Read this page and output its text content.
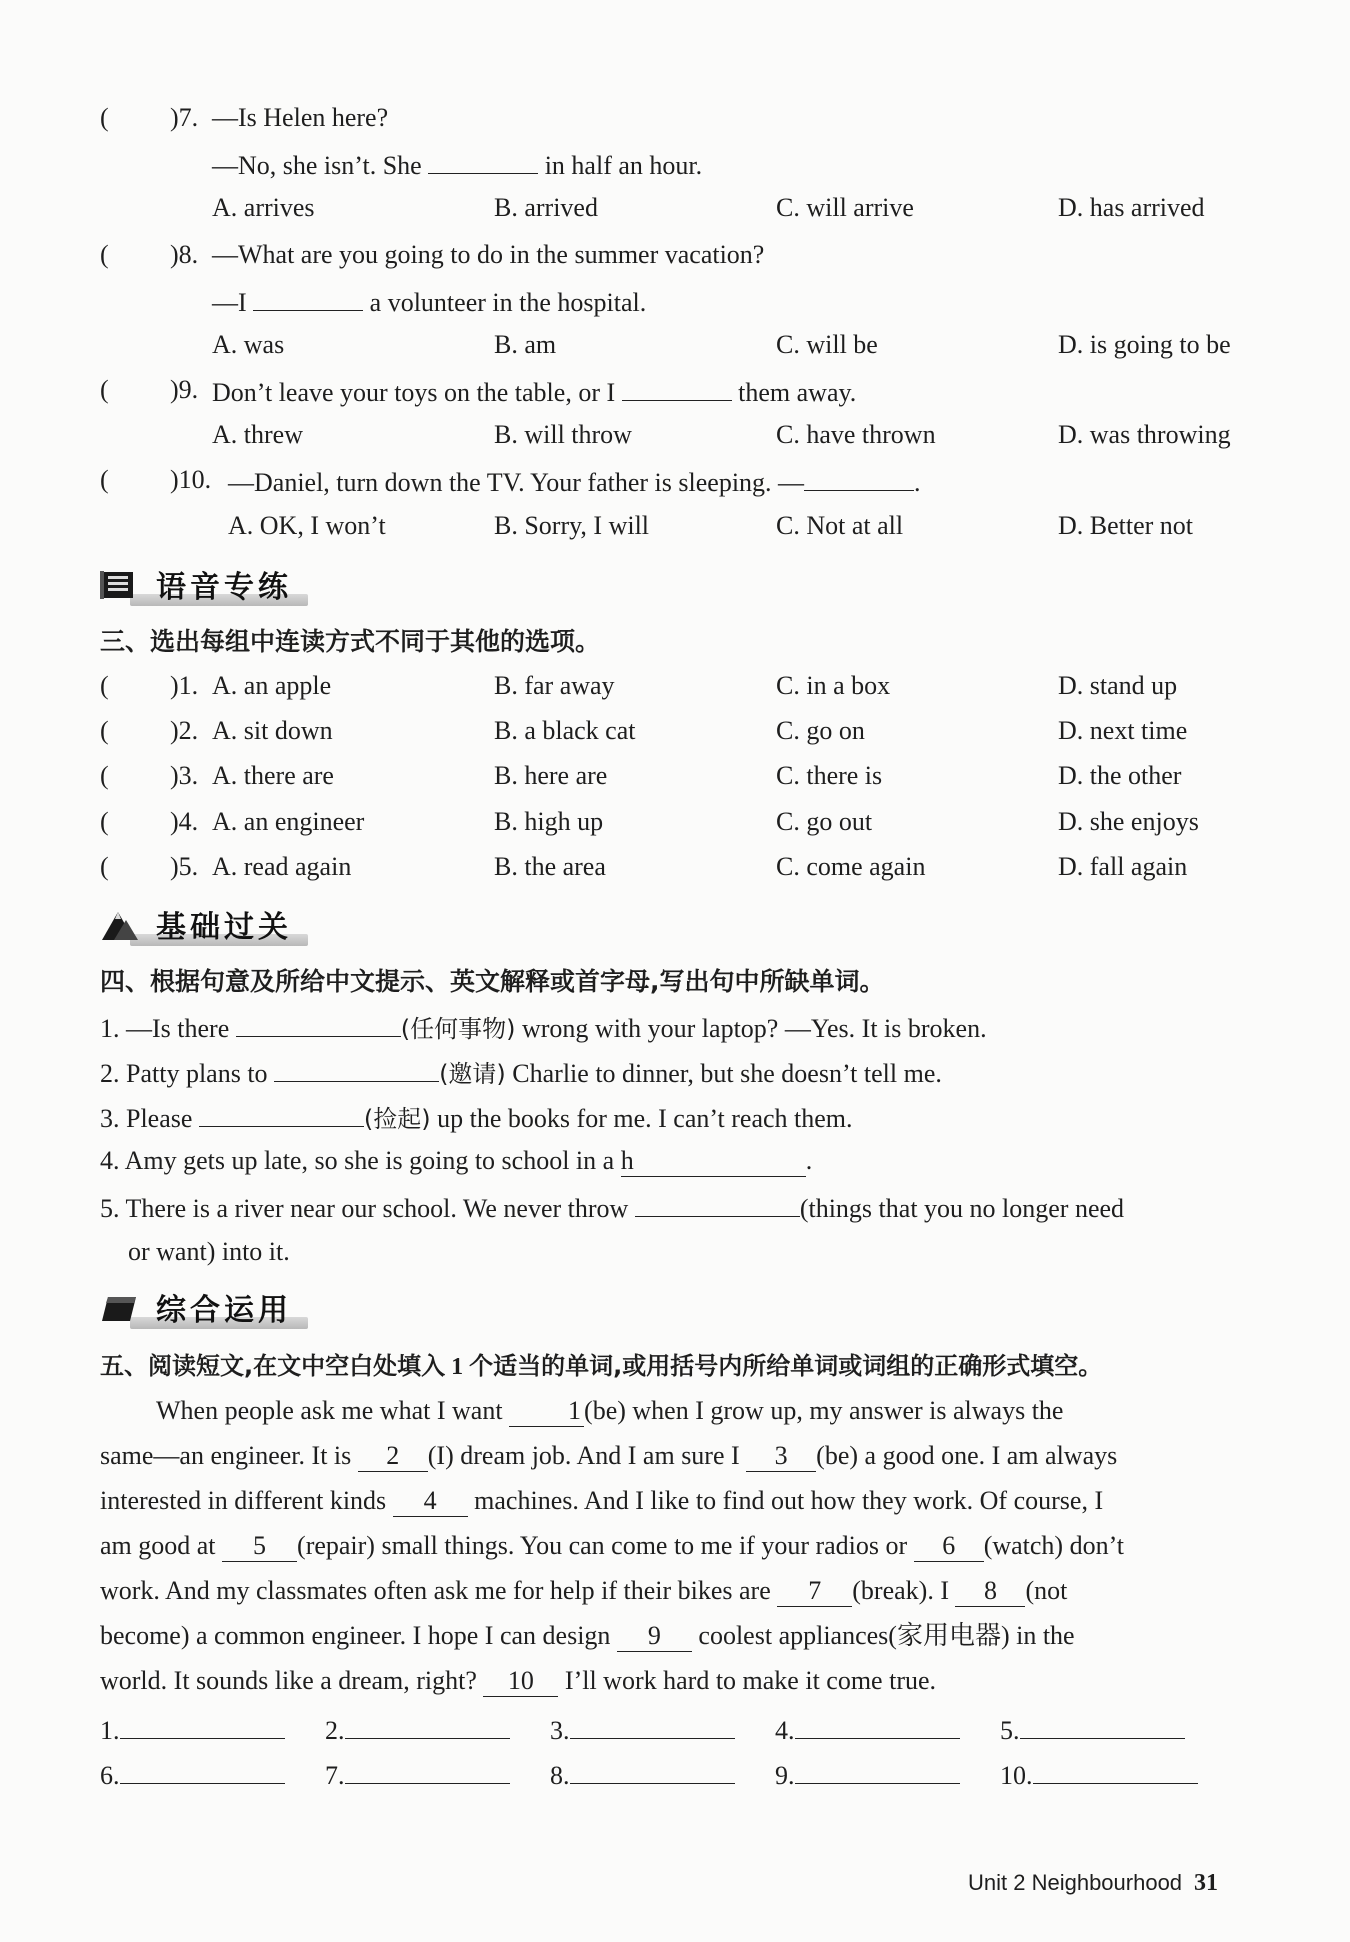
( )7. —Is Helen here?
—No, she isn’t. She	in half an hour.
A. arrives	B. arrived	C. will arrive	D. has arrived
( )8. —What are you going to do in the summer vacation?
—I	a volunteer in the hospital.
A. was	B. am	C. will be	D. is going to be
( )9. Don’t leave your toys on the table, or I	them away.
A. threw	B. will throw	C. have thrown	D. was throwing
( )10. —Daniel, turn down the TV. Your father is sleeping. —	.
A. OK, I won’t	B. Sorry, I will	C. Not at all	D. Better not
语音专练
三、选出每组中连读方式不同于其他的选项。
( )1. A. an apple	B. far away	C. in a box	D. stand up
( )2. A. sit down	B. a black cat	C. go on	D. next time
( )3. A. there are	B. here are	C. there is	D. the other
( )4. A. an engineer	B. high up	C. go out	D. she enjoys
( )5. A. read again	B. the area	C. come again	D. fall again
基础过关
四、根据句意及所给中文提示、英文解释或首字母,写出句中所缺单词。
1. —Is there	(任何事物) wrong with your laptop? —Yes. It is broken.
2. Patty plans to	(邀请) Charlie to dinner, but she doesn’t tell me.
3. Please	(捡起) up the books for me. I can’t reach them.
4. Amy gets up late, so she is going to school in a h	.
5. There is a river near our school. We never throw	(things that you no longer need
or want) into it.
综合运用
五、阅读短文,在文中空白处填入 1 个适当的单词,或用括号内所给单词或词组的正确形式填空。
When people ask me what I want	1 (be) when I grow up, my answer is always the
same—an engineer. It is 2 (I) dream job. And I am sure I 3 (be) a good one. I am always
interested in different kinds 4 machines. And I like to find out how they work. Of course, I
am good at 5 (repair) small things. You can come to me if your radios or 6 (watch) don’t
work. And my classmates often ask me for help if their bikes are 7 (break). I 8 (not
become) a common engineer. I hope I can design 9 coolest appliances(家用电器) in the
world. It sounds like a dream, right? 10 I’ll work hard to make it come true.
1.	2.	3.	4.	5.
6.	7.	8.	9.	10.
Unit 2 Neighbourhood 31
